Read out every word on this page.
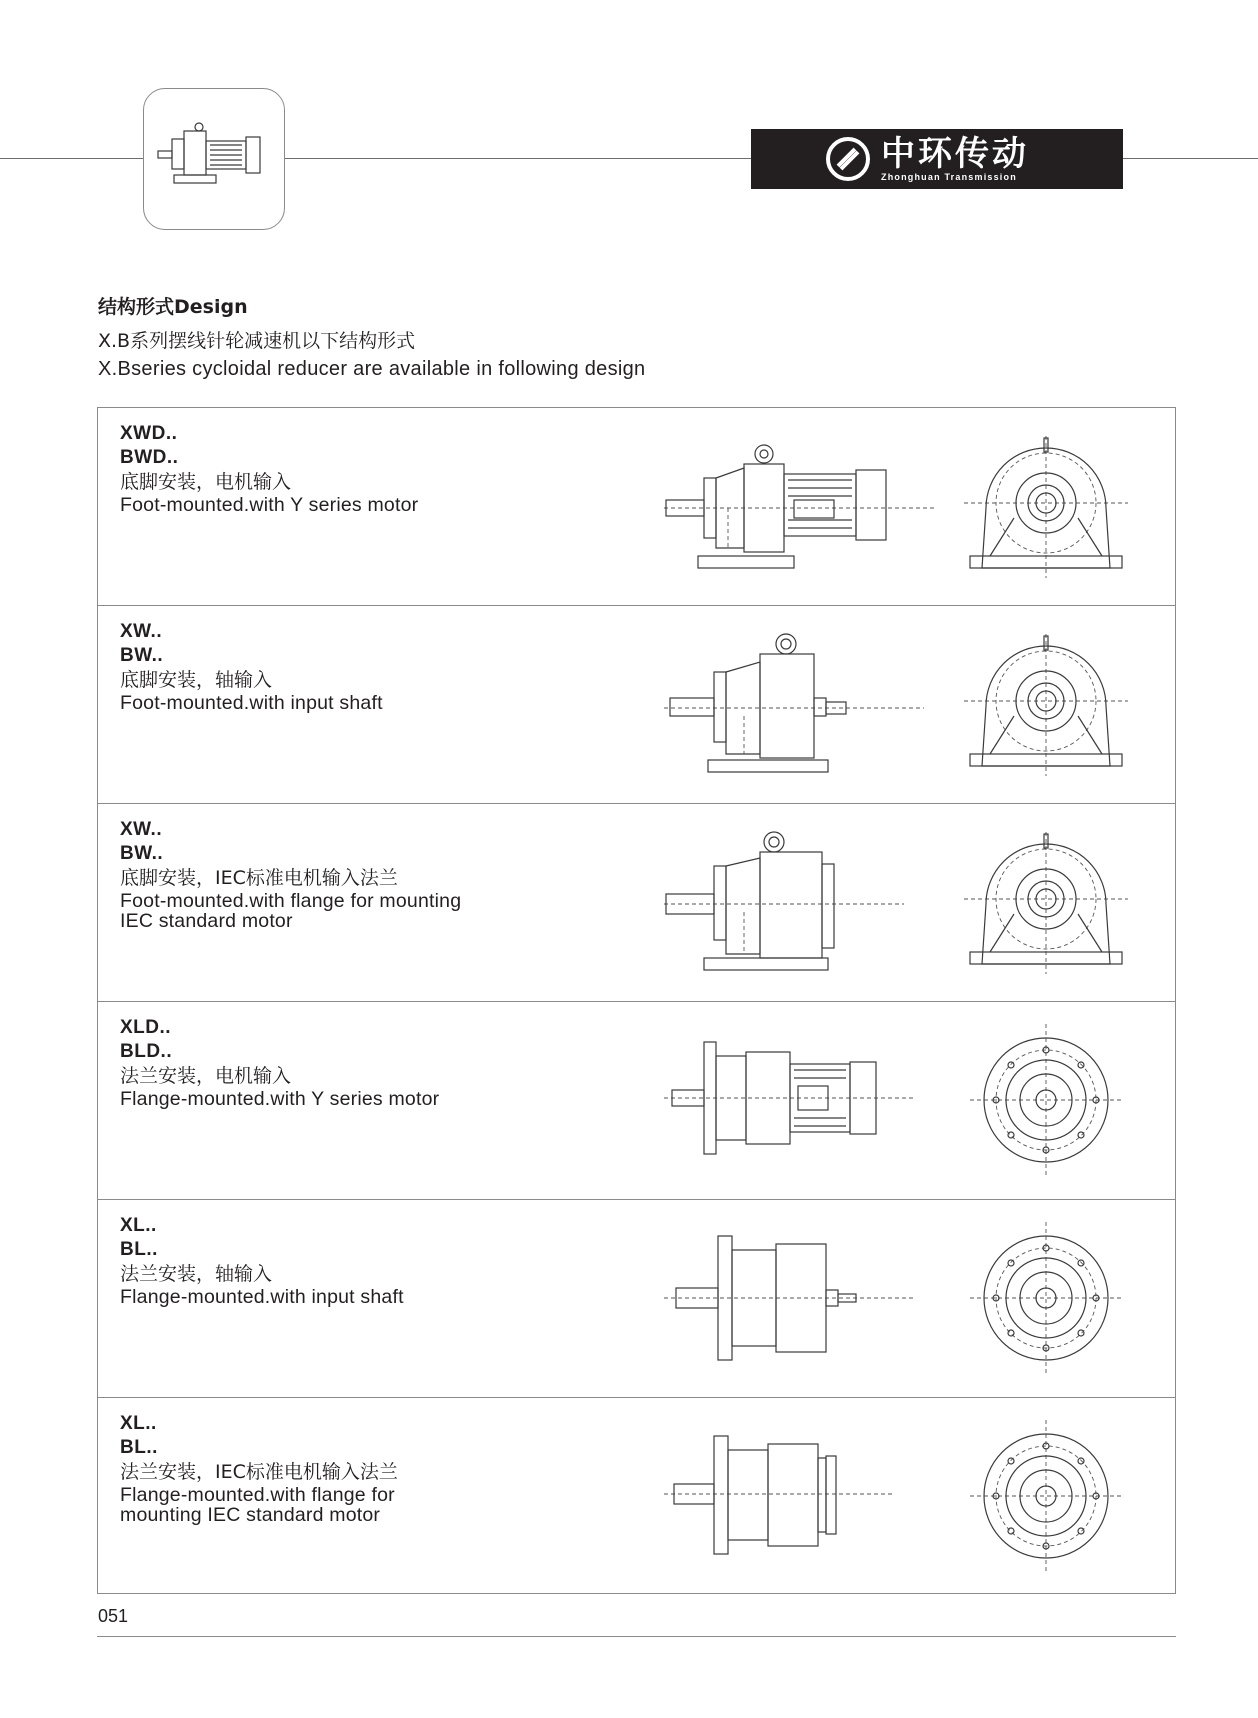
中环传动
Zhonghuan Transmission
结构形式Design
X.B系列摆线针轮减速机以下结构形式
X.Bseries cycloidal reducer are available in following design
XWD..
BWD..
底脚安装，电机输入
Foot-mounted.with Y series motor
XW..
BW..
底脚安装，轴输入
Foot-mounted.with input shaft
XW..
BW..
底脚安装，IEC标准电机输入法兰
Foot-mounted.with flange for mounting IEC standard motor
XLD..
BLD..
法兰安装，电机输入
Flange-mounted.with Y series motor
XL..
BL..
法兰安装，轴输入
Flange-mounted.with input shaft
XL..
BL..
法兰安装，IEC标准电机输入法兰
Flange-mounted.with flange for mounting IEC standard motor
051
